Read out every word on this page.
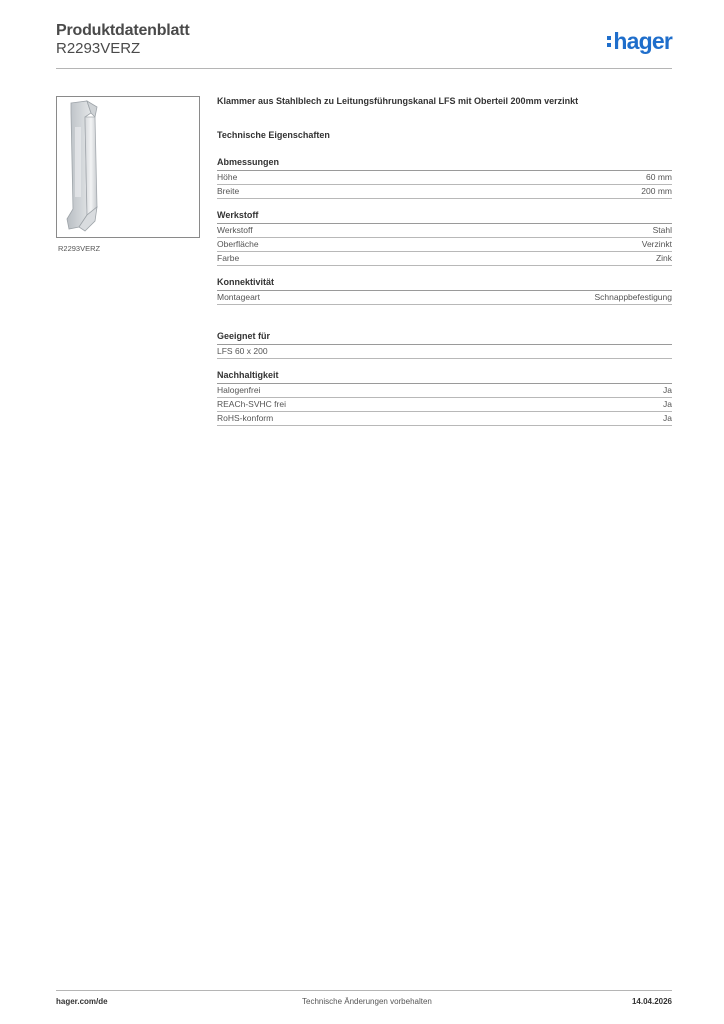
Produktdatenblatt
R2293VERZ	hager
R2293VERZ
Klammer aus Stahlblech zu Leitungsführungskanal LFS mit Oberteil 200mm verzinkt
Technische Eigenschaften
Abmessungen
Höhe	60 mm
Breite	200 mm
Werkstoff
Werkstoff	Stahl
Oberfläche	Verzinkt
Farbe	Zink
Konnektivität
Montageart	Schnappbefestigung
Geeignet für
LFS 60 x 200
Nachhaltigkeit
Halogenfrei	Ja
REACh-SVHC frei	Ja
RoHS-konform	Ja
hager.com/de	Technische Änderungen vorbehalten	14.04.2026
